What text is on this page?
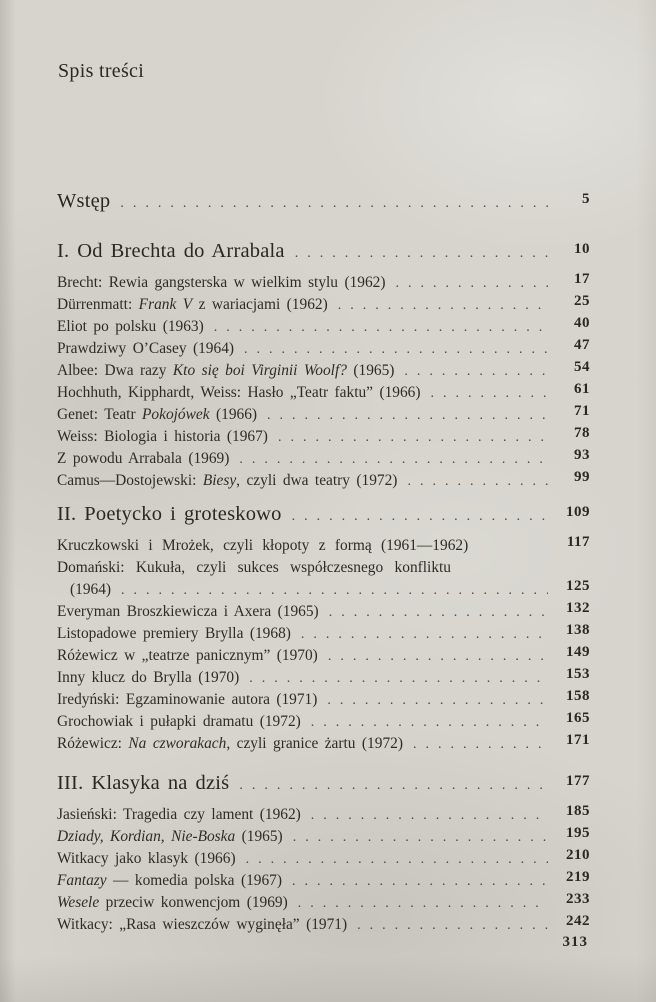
Spis treści
Wstęp .....	5
I. Od Brechta do Arrabala .....	10
Brecht: Rewia gangsterska w wielkim stylu (1962) .....	17
Dürrenmatt: Frank V z wariacjami (1962) .....	25
Eliot po polsku (1963) .....	40
Prawdziwy O’Casey (1964) .....	47
Albee: Dwa razy Kto się boi Virginii Woolf? (1965) .....	54
Hochhuth, Kipphardt, Weiss: Hasło „Teatr faktu” (1966) .....	61
Genet: Teatr Pokojówek (1966) .....	71
Weiss: Biologia i historia (1967) .....	78
Z powodu Arrabala (1969) .....	93
Camus—Dostojewski: Biesy, czyli dwa teatry (1972) .....	99
II. Poetycko i groteskowo .....	109
Kruczkowski i Mrożek, czyli kłopoty z formą (1961—1962)	117
Domański: Kukuła, czyli sukces współczesnego konfliktu
(1964) .....	125
Everyman Broszkiewicza i Axera (1965) .....	132
Listopadowe premiery Brylla (1968) .....	138
Różewicz w „teatrze panicznym” (1970) .....	149
Inny klucz do Brylla (1970) .....	153
Iredyński: Egzaminowanie autora (1971) .....	158
Grochowiak i pułapki dramatu (1972) .....	165
Różewicz: Na czworakach, czyli granice żartu (1972) .....	171
III. Klasyka na dziś .....	177
Jasieński: Tragedia czy lament (1962) .....	185
Dziady, Kordian, Nie-Boska (1965) .....	195
Witkacy jako klasyk (1966) .....	210
Fantazy — komedia polska (1967) .....	219
Wesele przeciw konwencjom (1969) .....	233
Witkacy: „Rasa wieszczów wyginęła” (1971) .....	242
313
